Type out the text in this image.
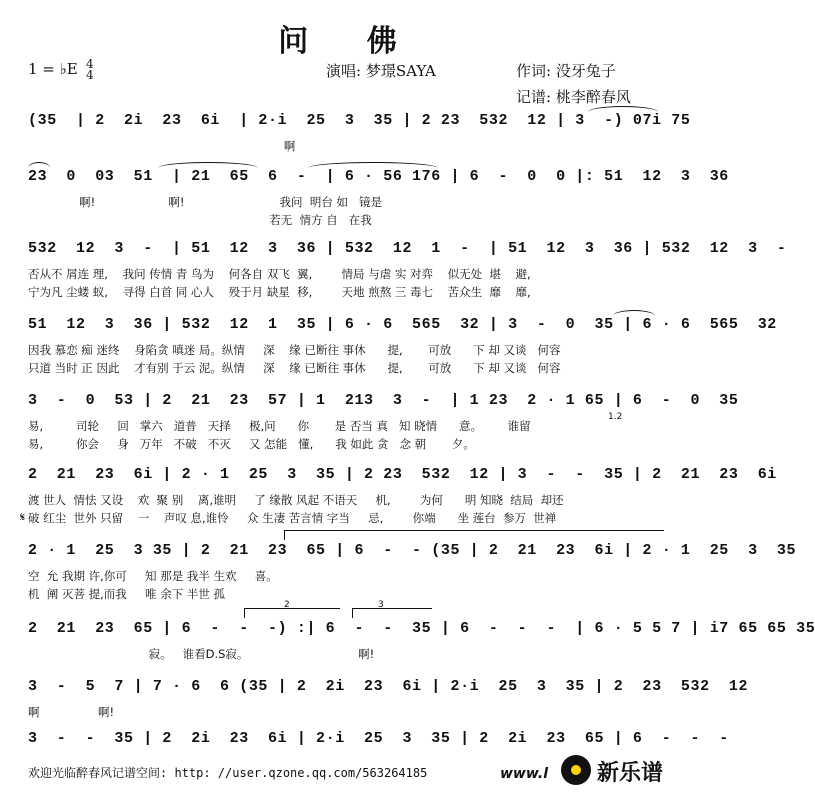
问 佛
1 = ♭E 4
4	演唱: 梦璟SAYA	作词: 没牙兔子
记谱: 桃李醉春风
(35  | 2  2i  23  6i  | 2·i  25  3  35 | 2 23  532  12 | 3  -) 07i 75
啊
23  0  03  51  | 21  65  6  -  | 6 · 56 176 | 6  -  0  0 |: 51  12  3  36
啊!                    啊!                          我问  明台 如   镜是
若无  情方 自   在我
532  12  3  -  | 51  12  3  36 | 532  12  1  -  | 51  12  3  36 | 532  12  3  -
否从不 屑连 理,    我问 传情 青 鸟为    何各自 双飞  翼,        情局 与虐 实 对弈    似无处  堪    避,
宁为凡 尘蝼 蚁,    寻得 白首 同 心人    殁于月 缺星  移,        天地 煎熬 三 毒七    苦众生  靡    靡,
51  12  3  36 | 532  12  1  35 | 6 · 6  565  32 | 3  -  0  35 | 6 · 6  565  32
因我 慕恋 痴 迷终    身陷贪 嗔迷 局。纵情     深    缘 已断往 事休      提,       可放      下 却 又谈   何容
只道 当时 正 因此    才有别 于云 泥。纵情     深    缘 已断往 事休      提,       可放      下 却 又谈   何容
3  -  0  53 | 2  21  23  57 | 1  213  3  -  | 1 23  2 · 1 65 | 6  -  0  35
易,         司轮     回   掌六   道普   天择     极,问      你       是 否当 真   知 晓情      意。       谁留
易,         你会     身   万年   不破   不灭     又 怎能   懂,      我 如此 贪   念 朝       夕。
1.2
2  21  23  6i | 2 · 1  25  3  35 | 2 23  532  12 | 3  -  -  35 | 2  21  23  6i
渡 世人  情怯 又设    欢  聚 别    离,谁明     了 缘散 风起 不语天     机,        为何      明 知晓  结局  却还
破 红尘  世外 只留    一    声叹 息,谁怜     众 生凄 苦言情 字当     忌,        你端      坐 莲台  参万  世禅
𝄋
2 · 1  25  3 35 | 2  21  23  65 | 6  -  - (35 | 2  21  23  6i | 2 · 1  25  3  35
空  允 我期 许,你可     知 那是 我半 生欢     喜。
机  阐 灭菩 提,而我     唯 余下 半世 孤
2  21  23  65 | 6  -  -  -) :| 6  -  -  35 | 6  -  -  -  | 6 · 5 5 7 | i7 65 65 35
寂。   谁看D.S寂。                              啊!
2	3
3  -  5  7 | 7 · 6  6 (35 | 2  2i  23  6i | 2·i  25  3  35 | 2  23  532  12
啊                啊!
3  -  -  35 | 2  2i  23  6i | 2·i  25  3  35 | 2  2i  23  65 | 6  -  -  -
欢迎光临醉春风记谱空间: http: //user.qzone.qq.com/563264185	www.l 新乐谱
